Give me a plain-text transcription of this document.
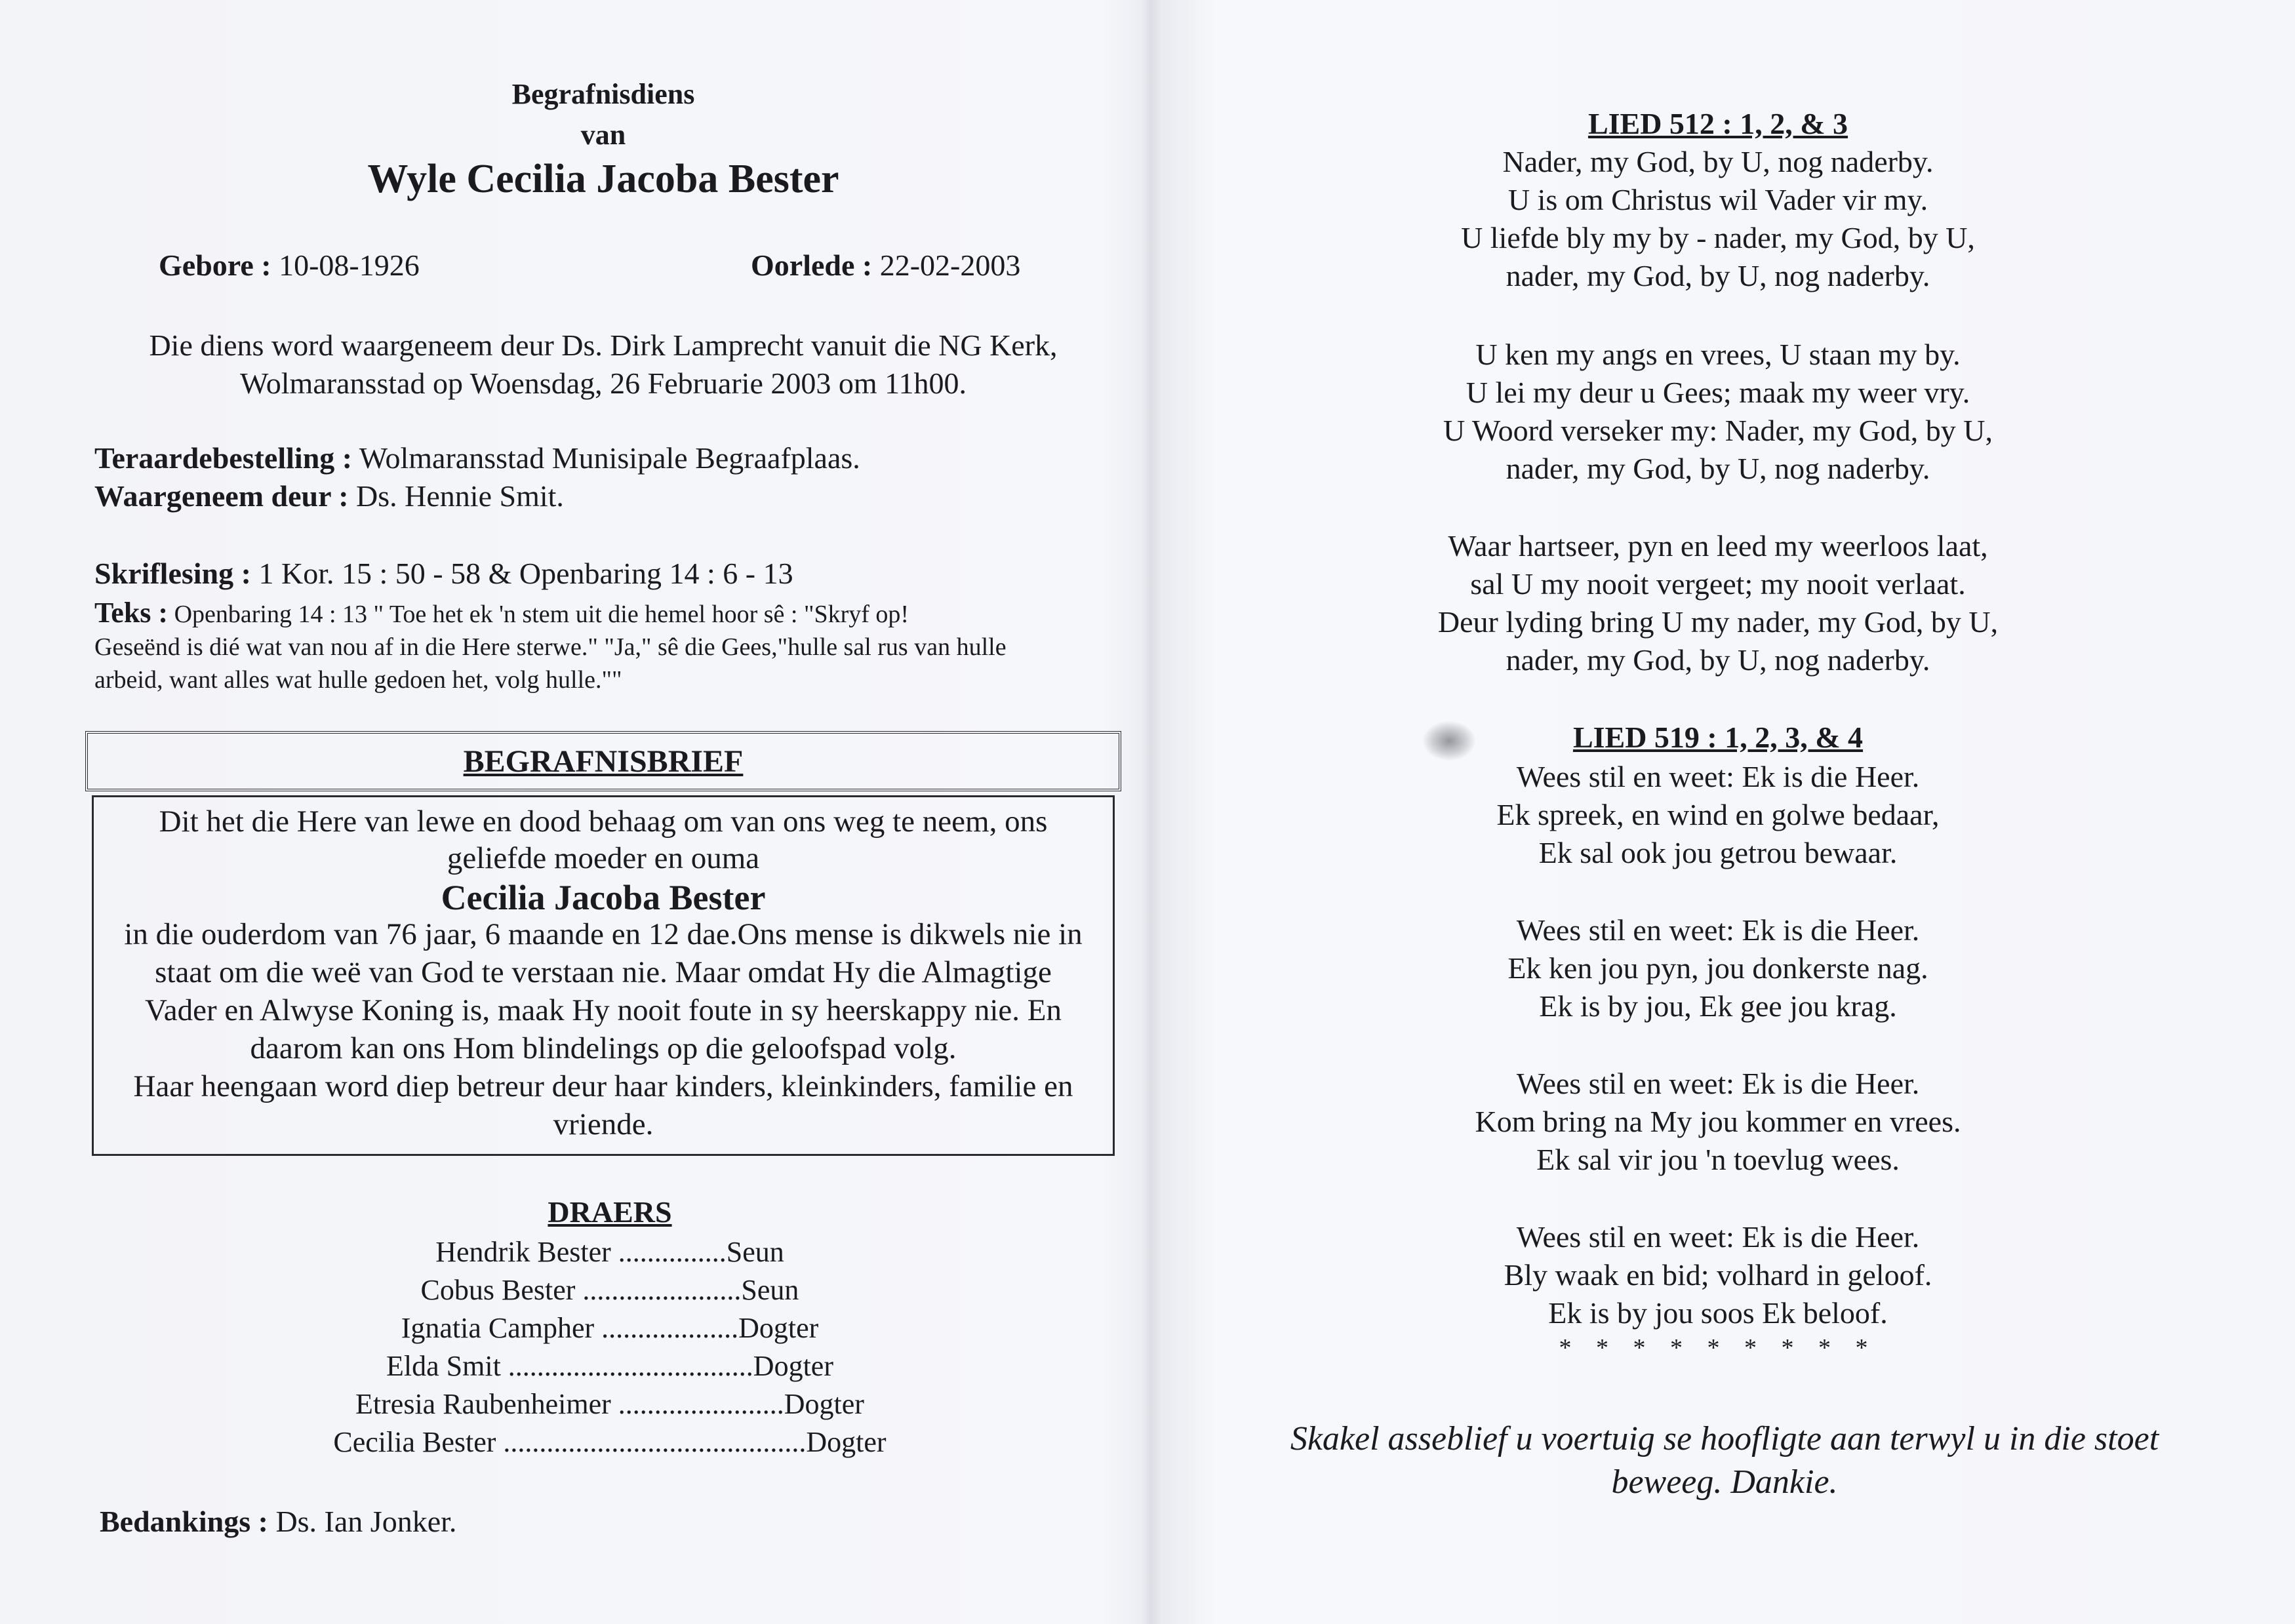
Begrafnisdiens
van
Wyle Cecilia Jacoba Bester
Gebore : 10-08-1926	Oorlede : 22-02-2003
Die diens word waargeneem deur Ds. Dirk Lamprecht vanuit die NG Kerk,
Wolmaransstad op Woensdag, 26 Februarie 2003 om 11h00.
Teraardebestelling : Wolmaransstad Munisipale Begraafplaas.
Waargeneem deur : Ds. Hennie Smit.
Skriflesing : 1 Kor. 15 : 50 - 58 & Openbaring 14 : 6 - 13
Teks : Openbaring 14 : 13 " Toe het ek 'n stem uit die hemel hoor sê : "Skryf op!
Geseënd is dié wat van nou af in die Here sterwe." "Ja," sê die Gees,"hulle sal rus van hulle
arbeid, want alles wat hulle gedoen het, volg hulle.""
BEGRAFNISBRIEF
Dit het die Here van lewe en dood behaag om van ons weg te neem, ons
geliefde moeder en ouma
Cecilia Jacoba Bester
in die ouderdom van 76 jaar, 6 maande en 12 dae.Ons mense is dikwels nie in
staat om die weë van God te verstaan nie. Maar omdat Hy die Almagtige
Vader en Alwyse Koning is, maak Hy nooit foute in sy heerskappy nie. En
daarom kan ons Hom blindelings op die geloofspad volg.
Haar heengaan word diep betreur deur haar kinders, kleinkinders, familie en
vriende.
DRAERS
Hendrik Bester ...............Seun
Cobus Bester ......................Seun
Ignatia Campher ...................Dogter
Elda Smit ..................................Dogter
Etresia Raubenheimer .......................Dogter
Cecilia Bester ..........................................Dogter
Bedankings : Ds. Ian Jonker.
LIED 512 : 1, 2, & 3
Nader, my God, by U, nog naderby.
U is om Christus wil Vader vir my.
U liefde bly my by - nader, my God, by U,
nader, my God, by U, nog naderby.
U ken my angs en vrees, U staan my by.
U lei my deur u Gees; maak my weer vry.
U Woord verseker my: Nader, my God, by U,
nader, my God, by U, nog naderby.
Waar hartseer, pyn en leed my weerloos laat,
sal U my nooit vergeet; my nooit verlaat.
Deur lyding bring U my nader, my God, by U,
nader, my God, by U, nog naderby.
LIED 519 : 1, 2, 3, & 4
Wees stil en weet: Ek is die Heer.
Ek spreek, en wind en golwe bedaar,
Ek sal ook jou getrou bewaar.
Wees stil en weet: Ek is die Heer.
Ek ken jou pyn, jou donkerste nag.
Ek is by jou, Ek gee jou krag.
Wees stil en weet: Ek is die Heer.
Kom bring na My jou kommer en vrees.
Ek sal vir jou 'n toevlug wees.
Wees stil en weet: Ek is die Heer.
Bly waak en bid; volhard in geloof.
Ek is by jou soos Ek beloof.
* * * * * * * * *
Skakel asseblief u voertuig se hoofligte aan terwyl u in die stoet
beweeg. Dankie.
